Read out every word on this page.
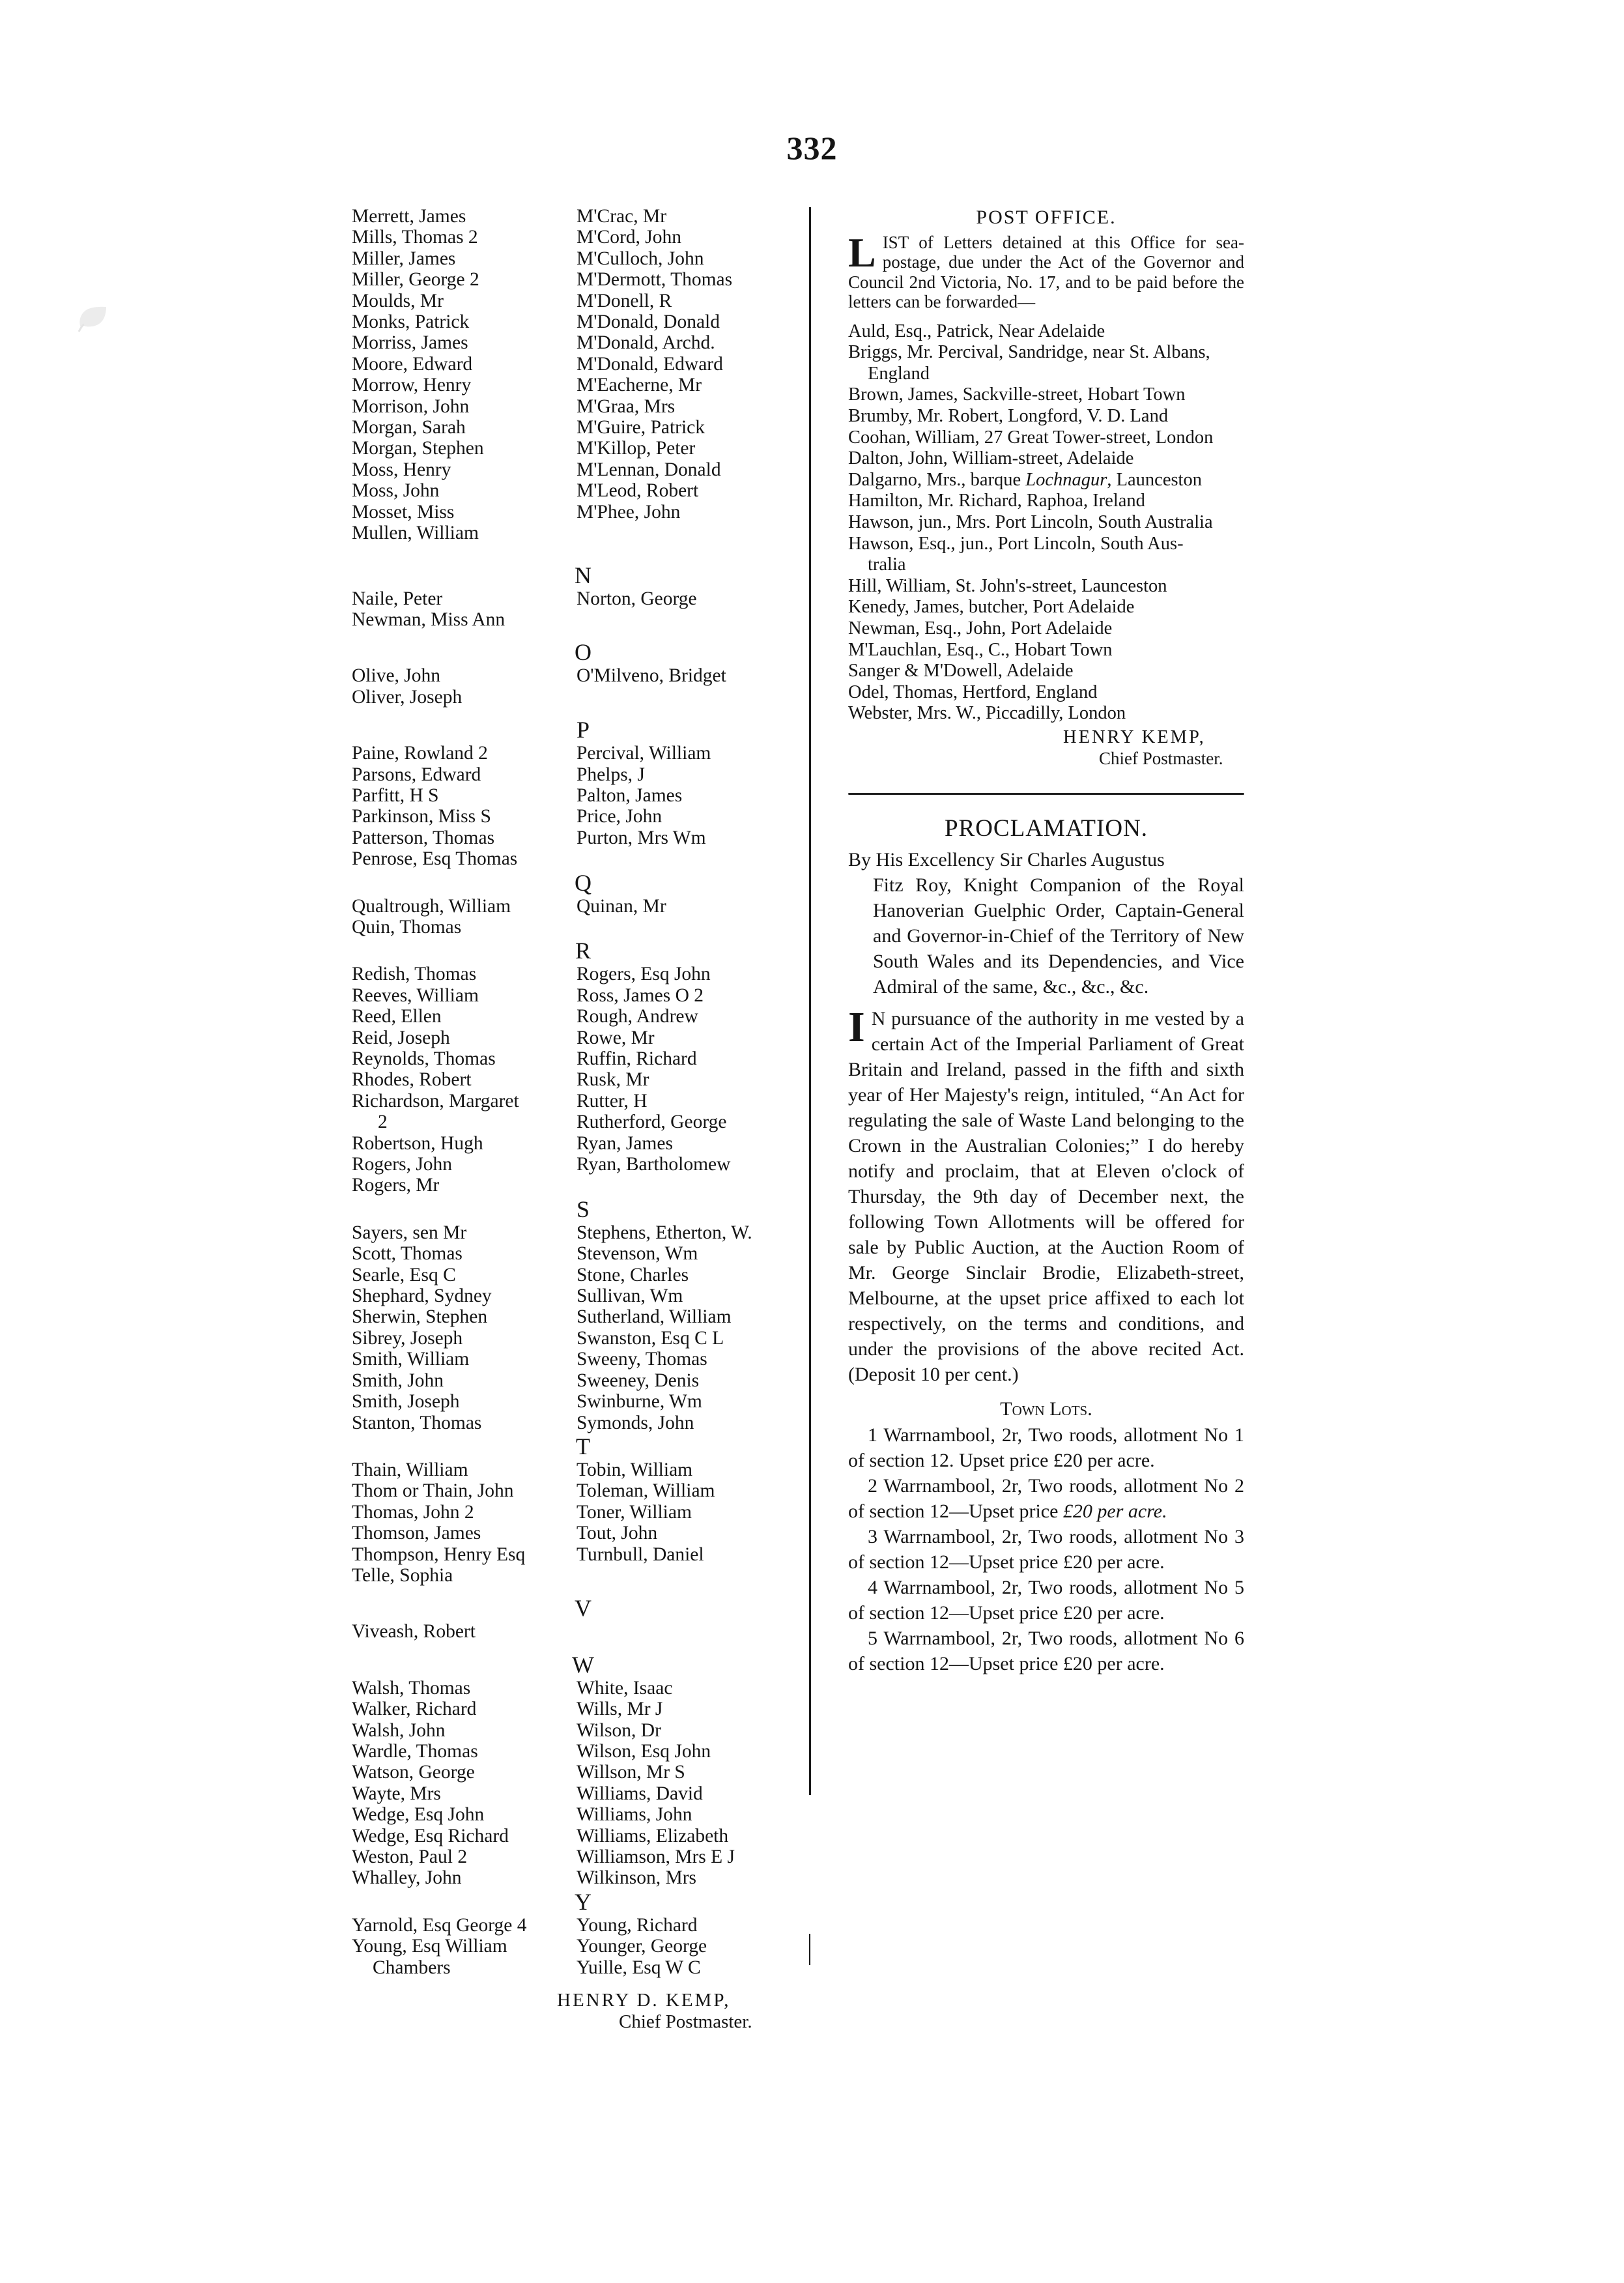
332
Merrett, James
Mills, Thomas 2
Miller, James
Miller, George 2
Moulds, Mr
Monks, Patrick
Morriss, James
Moore, Edward
Morrow, Henry
Morrison, John
Morgan, Sarah
Morgan, Stephen
Moss, Henry
Moss, John
Mosset, Miss
Mullen, William
M'Crac, Mr
M'Cord, John
M'Culloch, John
M'Dermott, Thomas
M'Donell, R
M'Donald, Donald
M'Donald, Archd.
M'Donald, Edward
M'Eacherne, Mr
M'Graa, Mrs
M'Guire, Patrick
M'Killop, Peter
M'Lennan, Donald
M'Leod, Robert
M'Phee, John
N
Naile, Peter
Newman, Miss Ann
Norton, George
O
Olive, John
Oliver, Joseph
O'Milveno, Bridget
P
Paine, Rowland 2
Parsons, Edward
Parfitt, H S
Parkinson, Miss S
Patterson, Thomas
Penrose, Esq Thomas
Percival, William
Phelps, J
Palton, James
Price, John
Purton, Mrs Wm
Q
Qualtrough, William
Quin, Thomas
Quinan, Mr
R
Redish, Thomas
Reeves, William
Reed, Ellen
Reid, Joseph
Reynolds, Thomas
Rhodes, Robert
Richardson, Margaret
2
Robertson, Hugh
Rogers, John
Rogers, Mr
Rogers, Esq John
Ross, James O 2
Rough, Andrew
Rowe, Mr
Ruffin, Richard
Rusk, Mr
Rutter, H
Rutherford, George
Ryan, James
Ryan, Bartholomew
S
Sayers, sen Mr
Scott, Thomas
Searle, Esq C
Shephard, Sydney
Sherwin, Stephen
Sibrey, Joseph
Smith, William
Smith, John
Smith, Joseph
Stanton, Thomas
Stephens, Etherton, W.
Stevenson, Wm
Stone, Charles
Sullivan, Wm
Sutherland, William
Swanston, Esq C L
Sweeny, Thomas
Sweeney, Denis
Swinburne, Wm
Symonds, John
T
Thain, William
Thom or Thain, John
Thomas, John 2
Thomson, James
Thompson, Henry Esq
Telle, Sophia
Tobin, William
Toleman, William
Toner, William
Tout, John
Turnbull, Daniel
V
Viveash, Robert
W
Walsh, Thomas
Walker, Richard
Walsh, John
Wardle, Thomas
Watson, George
Wayte, Mrs
Wedge, Esq John
Wedge, Esq Richard
Weston, Paul 2
Whalley, John
White, Isaac
Wills, Mr J
Wilson, Dr
Wilson, Esq John
Willson, Mr S
Williams, David
Williams, John
Williams, Elizabeth
Williamson, Mrs E J
Wilkinson, Mrs
Y
Yarnold, Esq George 4
Young, Esq William
Chambers
Young, Richard
Younger, George
Yuille, Esq W C
HENRY D. KEMP,
Chief Postmaster.
POST OFFICE.
LIST of Letters detained at this Office for sea-postage, due under the Act of the Governor and Council 2nd Victoria, No. 17, and to be paid before the letters can be forwarded—
Auld, Esq., Patrick, Near Adelaide
Briggs, Mr. Percival, Sandridge, near St. Albans,
England
Brown, James, Sackville-street, Hobart Town
Brumby, Mr. Robert, Longford, V. D. Land
Coohan, William, 27 Great Tower-street, London
Dalton, John, William-street, Adelaide
Dalgarno, Mrs., barque Lochnagur, Launceston
Hamilton, Mr. Richard, Raphoa, Ireland
Hawson, jun., Mrs. Port Lincoln, South Australia
Hawson, Esq., jun., Port Lincoln, South Aus-
tralia
Hill, William, St. John's-street, Launceston
Kenedy, James, butcher, Port Adelaide
Newman, Esq., John, Port Adelaide
M'Lauchlan, Esq., C., Hobart Town
Sanger & M'Dowell, Adelaide
Odel, Thomas, Hertford, England
Webster, Mrs. W., Piccadilly, London
HENRY KEMP,
Chief Postmaster.
PROCLAMATION.
By His Excellency Sir Charles Augustus
Fitz Roy, Knight Companion of the Royal Hanoverian Guelphic Order, Captain-General and Governor-in-Chief of the Territory of New South Wales and its Dependencies, and Vice Admiral of the same, &c., &c., &c.
I N pursuance of the authority in me vested by a certain Act of the Imperial Parliament of Great Britain and Ireland, passed in the fifth and sixth year of Her Majesty's reign, intituled, “An Act for regulating the sale of Waste Land belonging to the Crown in the Australian Colonies;” I do hereby notify and proclaim, that at Eleven o'clock of Thursday, the 9th day of December next, the following Town Allotments will be offered for sale by Public Auction, at the Auction Room of Mr. George Sinclair Brodie, Elizabeth-street, Melbourne, at the upset price affixed to each lot respectively, on the terms and conditions, and under the provisions of the above recited Act. (Deposit 10 per cent.)
Town Lots.
1 Warrnambool, 2r, Two roods, allotment No 1 of section 12. Upset price £20 per acre.
2 Warrnambool, 2r, Two roods, allotment No 2 of section 12—Upset price £20 per acre.
3 Warrnambool, 2r, Two roods, allotment No 3 of section 12—Upset price £20 per acre.
4 Warrnambool, 2r, Two roods, allotment No 5 of section 12—Upset price £20 per acre.
5 Warrnambool, 2r, Two roods, allotment No 6 of section 12—Upset price £20 per acre.
